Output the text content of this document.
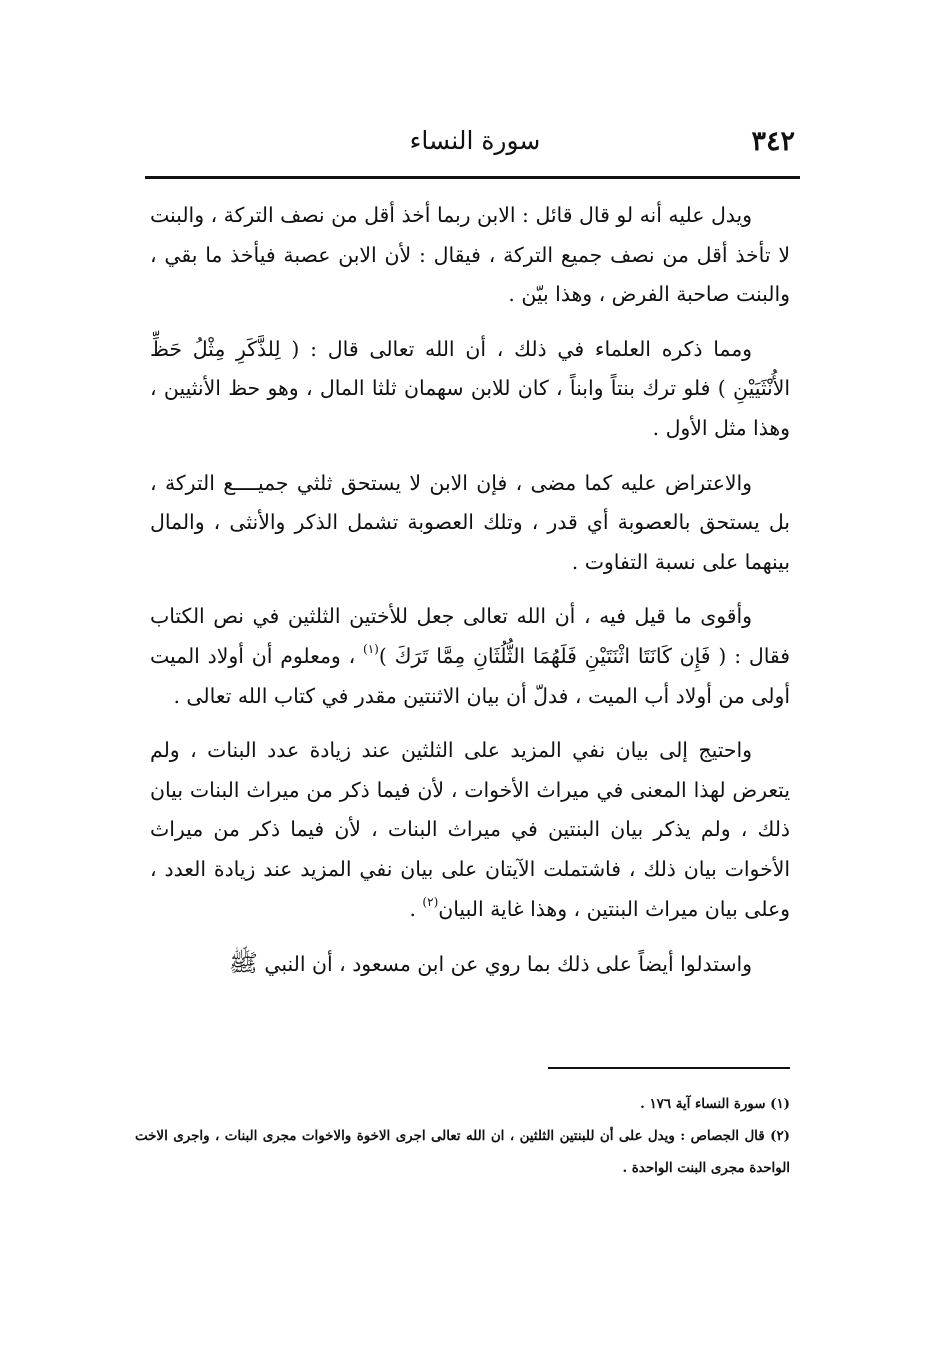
٣٤٢
سورة النساء

ويدل عليه أنه لو قال قائل : الابن ربما أخذ أقل من نصف التركة ، والبنت لا تأخذ أقل من نصف جميع التركة ، فيقال : لأن الابن عصبة فيأخذ ما بقي ، والبنت صاحبة الفرض ، وهذا بيّن .

ومما ذكره العلماء في ذلك ، أن الله تعالى قال : ( لِلذَّكَرِ مِثْلُ حَظِّ الأُنْثَيَيْنِ ) فلو ترك بنتاً وابناً ، كان للابن سهمان ثلثا المال ، وهو حظ الأنثيين ، وهذا مثل الأول .

والاعتراض عليه كما مضى ، فإن الابن لا يستحق ثلثي جميــــع التركة ، بل يستحق بالعصوبة أي قدر ، وتلك العصوبة تشمل الذكر والأنثى ، والمال بينهما على نسبة التفاوت .

وأقوى ما قيل فيه ، أن الله تعالى جعل للأختين الثلثين في نص الكتاب فقال : ( فَإِن كَانَتَا اثْنَتَيْنِ فَلَهُمَا الثُّلُثَانِ مِمَّا تَرَكَ )$^{(١)}$ ، ومعلوم أن أولاد الميت أولى من أولاد أب الميت ، فدلّ أن بيان الاثنتين مقدر في كتاب الله تعالى .

واحتيج إلى بيان نفي المزيد على الثلثين عند زيادة عدد البنات ، ولم يتعرض لهذا المعنى في ميراث الأخوات ، لأن فيما ذكر من ميراث البنات بيان ذلك ، ولم يذكر بيان البنتين في ميراث البنات ، لأن فيما ذكر من ميراث الأخوات بيان ذلك ، فاشتملت الآيتان على بيان نفي المزيد عند زيادة العدد ، وعلى بيان ميراث البنتين ، وهذا غاية البيان$^{(٢)}$ .

واستدلوا أيضاً على ذلك بما روي عن ابن مسعود ، أن النبي ﷺ

(١) سورة النساء آية ١٧٦ .

(٢) قال الجصاص : ويدل على أن للبنتين الثلثين ، ان الله تعالى اجرى الاخوة والاخوات مجرى البنات ، واجرى الاخت الواحدة مجرى البنت الواحدة .
